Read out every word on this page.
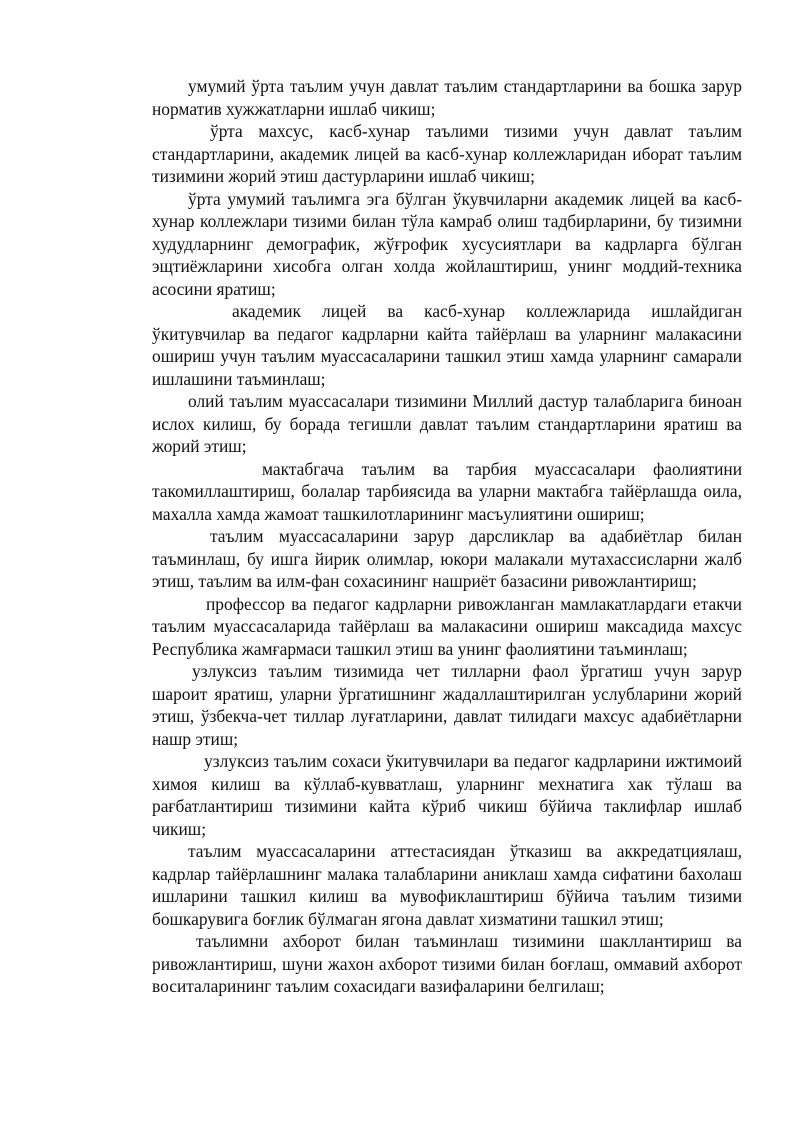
умумий ўрта таълим учун давлат таълим стандартларини ва бошка зарур норматив хужжатларни ишлаб чикиш;

ўрта махсус, касб-хунар таълими тизими учун давлат таълим стандартларини, академик лицей ва касб-хунар коллежларидан иборат таълим тизимини жорий этиш дастурларини ишлаб чикиш;

ўрта умумий таълимга эга бўлган ўкувчиларни академик лицей ва касб-хунар коллежлари тизими билан тўла камраб олиш тадбирларини, бу тизимни худудларнинг демографик, жўғрофик хусусиятлари ва кадрларга бўлган эщтиёжларини хисобга олган холда жойлаштириш, унинг моддий-техника асосини яратиш;

академик лицей ва касб-хунар коллежларида ишлайдиган ўкитувчилар ва педагог кадрларни кайта тайёрлаш ва уларнинг малакасини ошириш учун таълим муассасаларини ташкил этиш хамда уларнинг самарали ишлашини таъминлаш;

олий таълим муассасалари тизимини Миллий дастур талабларига биноан ислох килиш, бу борада тегишли давлат таълим стандартларини яратиш ва жорий этиш;

мактабгача таълим ва тарбия муассасалари фаолиятини такомиллаштириш, болалар тарбиясида ва уларни мактабга тайёрлашда оила, махалла хамда жамоат ташкилотларининг масъулиятини ошириш;

таълим муассасаларини зарур дарсликлар ва адабиётлар билан таъминлаш, бу ишга йирик олимлар, юкори малакали мутахассисларни жалб этиш, таълим ва илм-фан сохасининг нашриёт базасини ривожлантириш;

профессор ва педагог кадрларни ривожланган мамлакатлардаги етакчи таълим муассасаларида тайёрлаш ва малакасини ошириш максадида махсус Республика жамғармаси ташкил этиш ва унинг фаолиятини таъминлаш;

узлуксиз таълим тизимида чет тилларни фаол ўргатиш учун зарур шароит яратиш, уларни ўргатишнинг жадаллаштирилган услубларини жорий этиш, ўзбекча-чет тиллар луғатларини, давлат тилидаги махсус адабиётларни нашр этиш;

узлуксиз таълим сохаси ўкитувчилари ва педагог кадрларини ижтимоий химоя килиш ва кўллаб-кувватлаш, уларнинг мехнатига хак тўлаш ва рағбатлантириш тизимини кайта кўриб чикиш бўйича таклифлар ишлаб чикиш;

таълим муассасаларини аттестасиядан ўтказиш ва аккредатциялаш, кадрлар тайёрлашнинг малака талабларини аниклаш хамда сифатини бахолаш ишларини ташкил килиш ва мувофиклаштириш бўйича таълим тизими бошкарувига боғлик бўлмаган ягона давлат хизматини ташкил этиш;

таълимни ахборот билан таъминлаш тизимини шакллантириш ва ривожлантириш, шуни жахон ахборот тизими билан боғлаш, оммавий ахборот воситаларининг таълим сохасидаги вазифаларини белгилаш;
